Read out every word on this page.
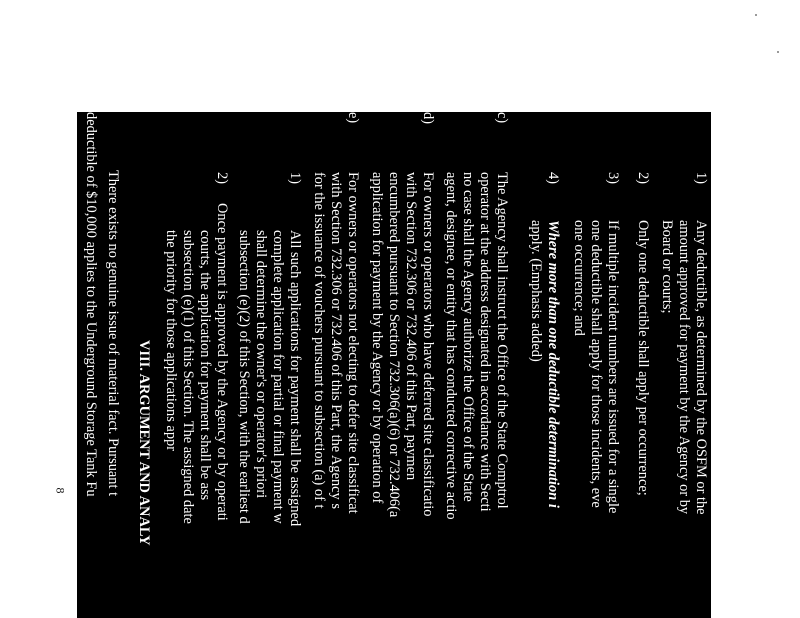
8
1)
Any deductible, as determined by the OSFM or the
amount approved for payment by the Agency or by
Board or courts;
2)
Only one deductible shall apply per occurrence;
3)
If multiple incident numbers are issued for a single
one deductible shall apply for those incidents, eve
one occurrence; and
4)
Where more than one deductible determination i
apply. (Emphasis added)
c)
The Agency shall instruct the Office of the State Comptrol
operator at the address designated in accordance with Secti
no case shall the Agency authorize the Office of the State
agent, designee, or entity that has conducted corrective actio
d)
For owners or operators who have deferred site classificatio
with Section 732.306 or 732.406 of this Part, paymen
encumbered pursuant to Section 732.306(a)(6) or 732.406(a
application for payment by the Agency or by operation of
e)
For owners or operators not electing to defer site classificat
with Section 732.306 or 732.406 of this Part, the Agency s
for the issuance of vouchers pursuant to subsection (a) of t
1)
All such applications for payment shall be assigned
complete application for partial or final payment w
shall determine the owner's or operator's priori
subsection (e)(2) of this Section, with the earliest d
2)
Once payment is approved by the Agency or by operati
courts, the application for payment shall be ass
subsection (e)(1) of this Section. The assigned date
the priority for those applications appr
VIII. ARGUMENT AND ANALY
There exists no genuine issue of material fact. Pursuant t
deductible of $10,000 applies to the Underground Storage Tank Fu
